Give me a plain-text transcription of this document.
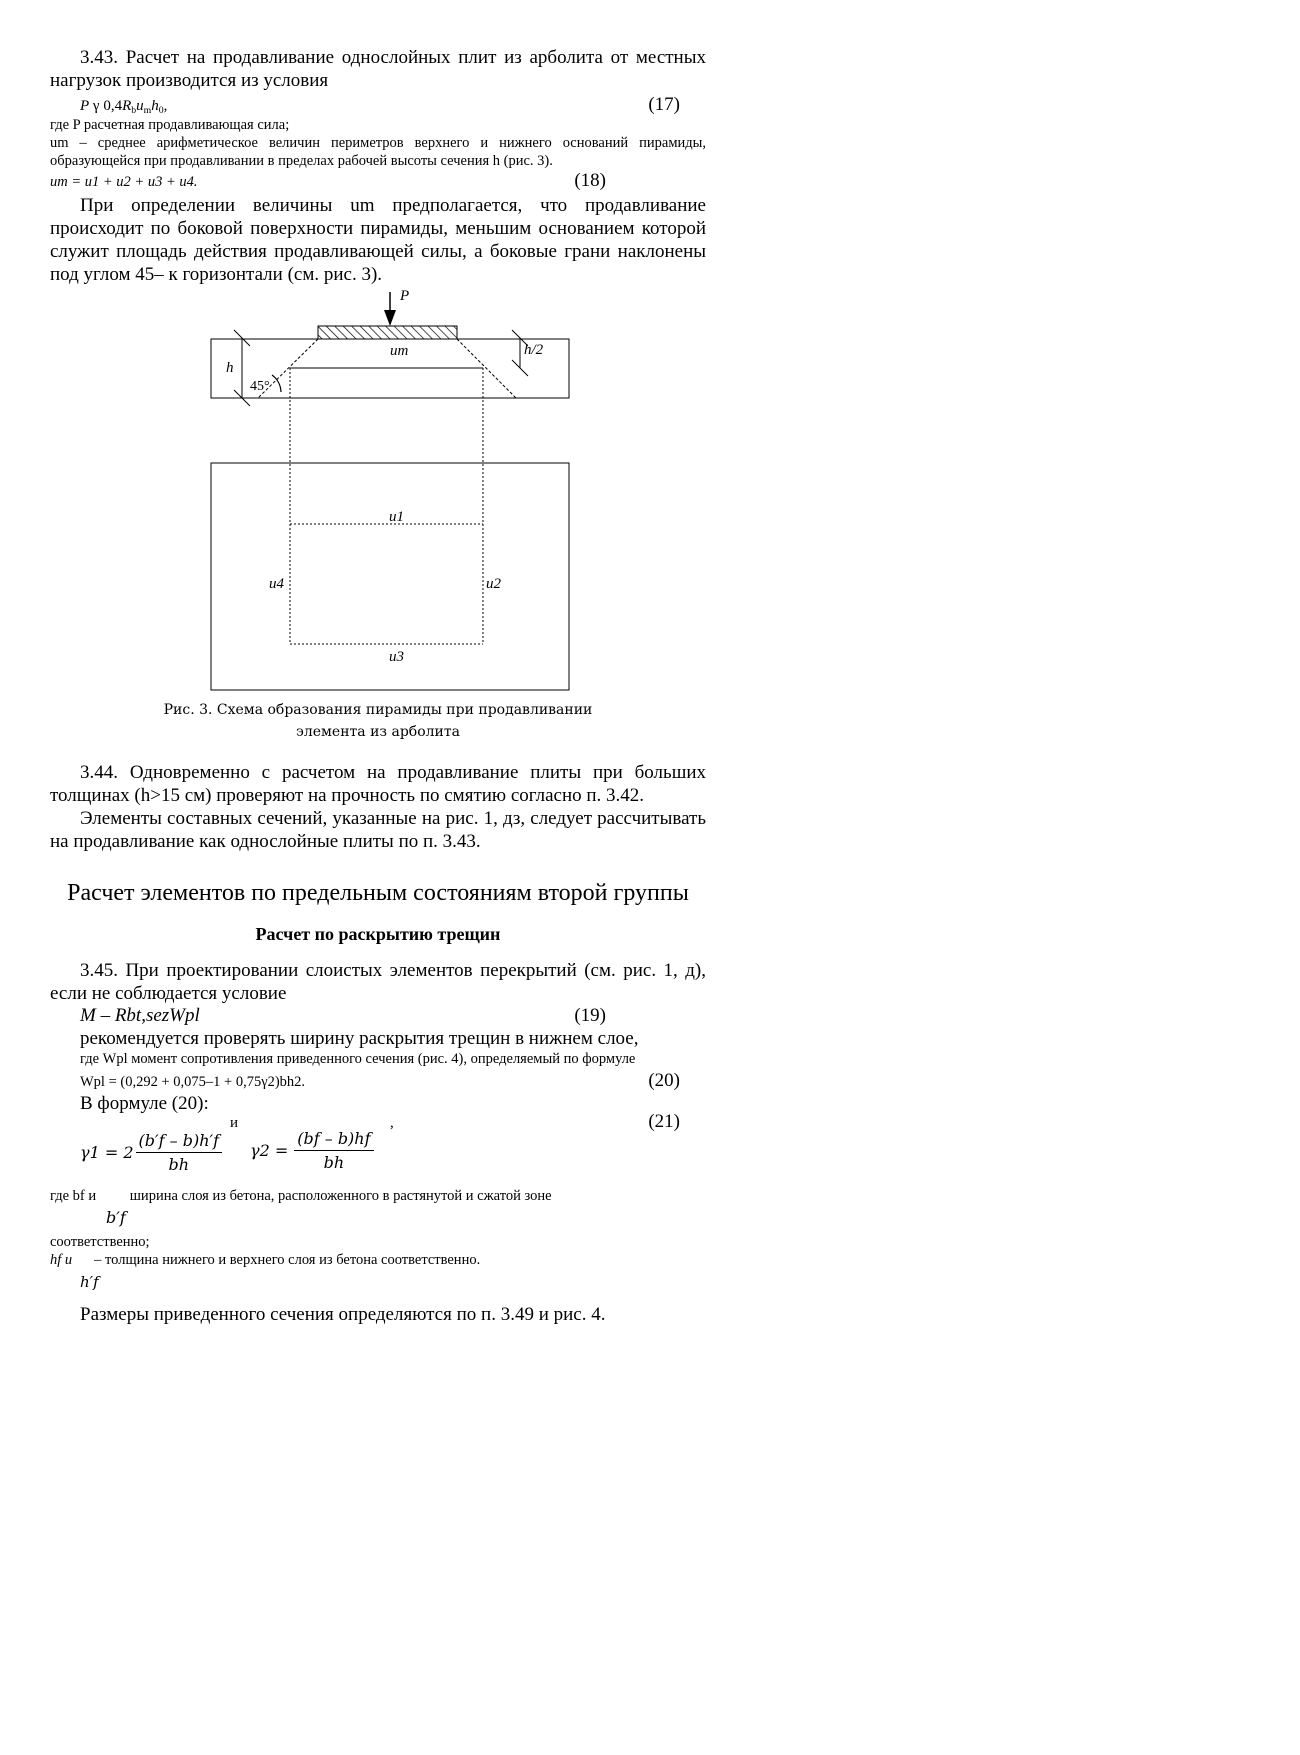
3.43. Расчет на продавливание однослойных плит из арболита от местных нагрузок производится из условия

P γ $0,4R_bu_mh_0$,	(17)

где P расчетная продавливающая сила;

um – среднее арифметическое величин периметров верхнего и нижнего оснований пирамиды, образующейся при продавливании в пределах рабочей высоты сечения h (рис. 3).

um = u1 + u2 + u3 + u4.	(18)

При определении величины um предполагается, что продавливание происходит по боковой поверхности пирамиды, меньшим основанием которой служит площадь действия продавливающей силы, а боковые грани наклонены под углом 45– к горизонтали (см. рис. 3).

P
h
h/2
um
45°
u1
u2
u3
u4

Рис. 3. Схема образования пирамиды при продавливании

элемента из арболита

3.44. Одновременно с расчетом на продавливание плиты при больших толщинах (h>15 см) проверяют на прочность по смятию согласно п. 3.42.

Элементы составных сечений, указанные на рис. 1, дз, следует рассчитывать на продавливание как однослойные плиты по п. 3.43.

Расчет элементов по предельным состояниям второй группы

Расчет по раскрытию трещин

3.45. При проектировании слоистых элементов перекрытий (см. рис. 1, д), если не соблюдается условие

M – Rbt,sezWpl	(19)

рекомендуется проверять ширину раскрытия трещин в нижнем слое,

где Wpl момент сопротивления приведенного сечения (рис. 4), определяемый по формуле

Wpl = (0,292 + 0,075–1 + 0,75γ2)bh2.	(20)

В формуле (20):

и	,	(21)
$\gamma 1 = 2 \frac{(b'f - b)h'f}{bh} \gamma 2 = \frac{(bf - b)hf}{bh}$
где bf и ширина слоя из бетона, расположенного в растянутой и сжатой зоне
b′f

соответственно;

hf и – толщина нижнего и верхнего слоя из бетона соответственно.
h′f

Размеры приведенного сечения определяются по п. 3.49 и рис. 4.
